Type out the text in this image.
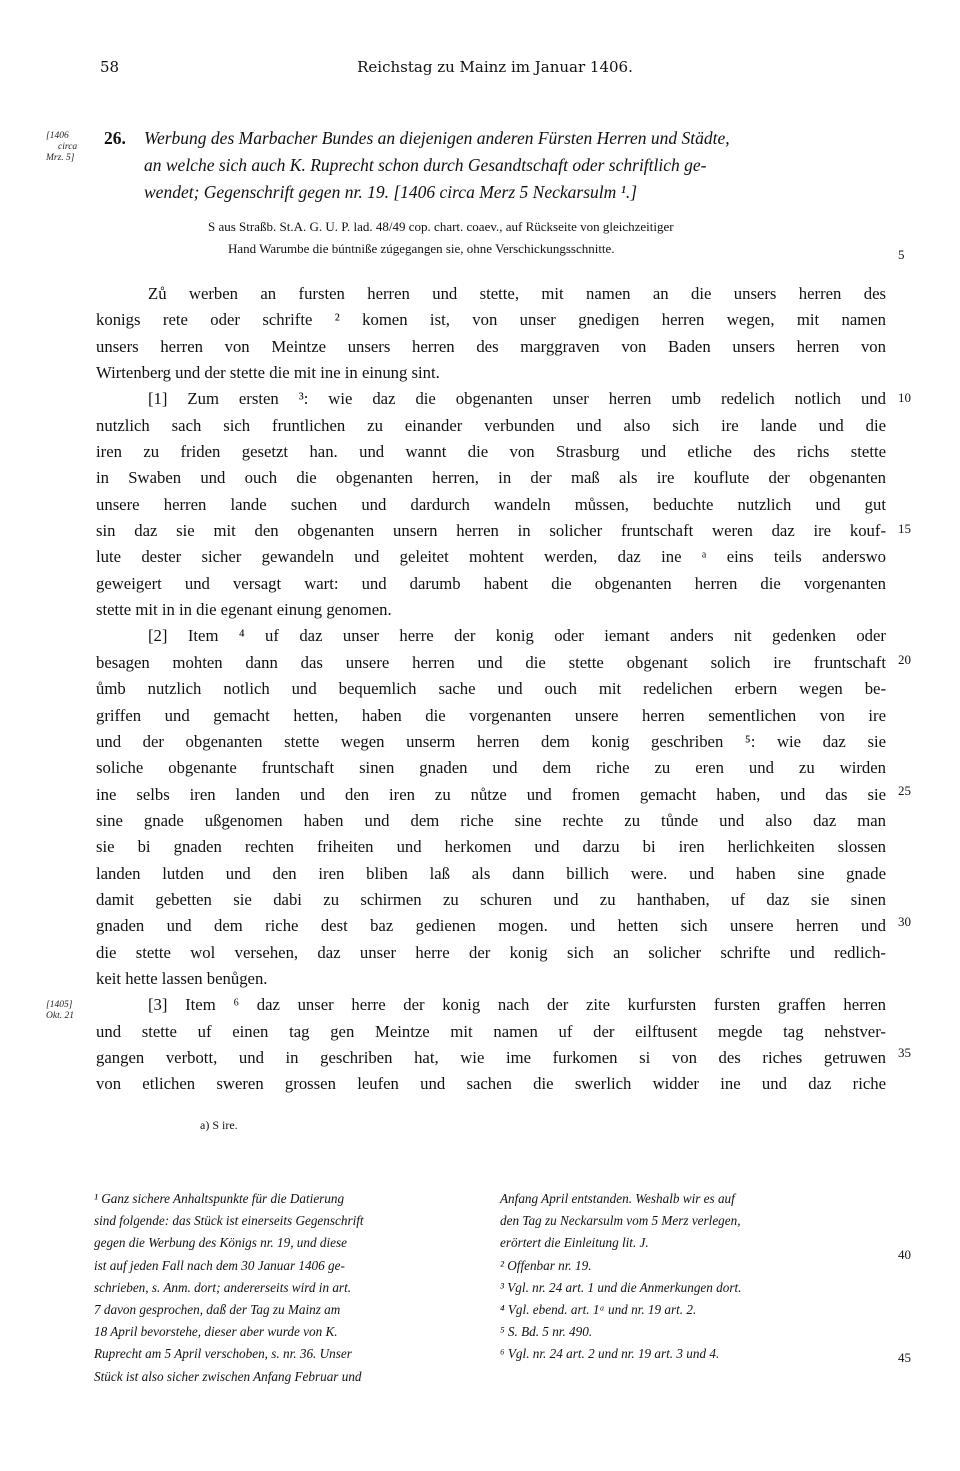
58	Reichstag zu Mainz im Januar 1406.
[1406
circa
Mrz. 5]
[1405]
Okt. 21
26. Werbung des Marbacher Bundes an diejenigen anderen Fürsten Herren und Städte,
an welche sich auch K. Ruprecht schon durch Gesandtschaft oder schriftlich ge-
wendet; Gegenschrift gegen nr. 19. [1406 circa Merz 5 Neckarsulm ¹.]
S aus Straßb. St.A. G. U. P. lad. 48/49 cop. chart. coaev., auf Rückseite von gleichzeitiger
Hand Warumbe die búntniße zúgegangen sie, ohne Verschickungsschnitte.	5
10
15
20
25
30
35
40
45

Zů werben an fursten herren und stette, mit namen an die unsers herren des
konigs rete oder schrifte ² komen ist, von unser gnedigen herren wegen, mit namen
unsers herren von Meintze unsers herren des marggraven von Baden unsers herren von
Wirtenberg und der stette die mit ine in einung sint.

[1] Zum ersten ³: wie daz die obgenanten unser herren umb redelich notlich und
nutzlich sach sich fruntlichen zu einander verbunden und also sich ire lande und die
iren zu friden gesetzt han. und wannt die von Strasburg und etliche des richs stette
in Swaben und ouch die obgenanten herren, in der maß als ire kouflute der obgenanten
unsere herren lande suchen und dardurch wandeln můssen, beduchte nutzlich und gut
sin daz sie mit den obgenanten unsern herren in solicher fruntschaft weren daz ire kouf-
lute dester sicher gewandeln und geleitet mohtent werden, daz ine ᵃ eins teils anderswo
geweigert und versagt wart: und darumb habent die obgenanten herren die vorgenanten
stette mit in in die egenant einung genomen.

[2] Item ⁴ uf daz unser herre der konig oder iemant anders nit gedenken oder
besagen mohten dann das unsere herren und die stette obgenant solich ire fruntschaft
ůmb nutzlich notlich und bequemlich sache und ouch mit redelichen erbern wegen be-
griffen und gemacht hetten, haben die vorgenanten unsere herren sementlichen von ire
und der obgenanten stette wegen unserm herren dem konig geschriben ⁵: wie daz sie
soliche obgenante fruntschaft sinen gnaden und dem riche zu eren und zu wirden
ine selbs iren landen und den iren zu nůtze und fromen gemacht haben, und das sie
sine gnade ußgenomen haben und dem riche sine rechte zu tůnde und also daz man
sie bi gnaden rechten friheiten und herkomen und darzu bi iren herlichkeiten slossen
landen lutden und den iren bliben laß als dann billich were. und haben sine gnade
damit gebetten sie dabi zu schirmen zu schuren und zu hanthaben, uf daz sie sinen
gnaden und dem riche dest baz gedienen mogen. und hetten sich unsere herren und
die stette wol versehen, daz unser herre der konig sich an solicher schrifte und redlich-
keit hette lassen benůgen.

[3] Item ⁶ daz unser herre der konig nach der zite kurfursten fursten graffen herren
und stette uf einen tag gen Meintze mit namen uf der eilftusent megde tag nehstver-
gangen verbott, und in geschriben hat, wie ime furkomen si von des riches getruwen
von etlichen sweren grossen leufen und sachen die swerlich widder ine und daz riche

a) S ire.
¹ Ganz sichere Anhaltspunkte für die Datierung
sind folgende: das Stück ist einerseits Gegenschrift
gegen die Werbung des Königs nr. 19, und diese
ist auf jeden Fall nach dem 30 Januar 1406 ge-
schrieben, s. Anm. dort; andererseits wird in art.
7 davon gesprochen, daß der Tag zu Mainz am
18 April bevorstehe, dieser aber wurde von K.
Ruprecht am 5 April verschoben, s. nr. 36. Unser
Stück ist also sicher zwischen Anfang Februar und
Anfang April entstanden. Weshalb wir es auf
den Tag zu Neckarsulm vom 5 Merz verlegen,
erörtert die Einleitung lit. J.
² Offenbar nr. 19.
³ Vgl. nr. 24 art. 1 und die Anmerkungen dort.
⁴ Vgl. ebend. art. 1ᵃ und nr. 19 art. 2.
⁵ S. Bd. 5 nr. 490.
⁶ Vgl. nr. 24 art. 2 und nr. 19 art. 3 und 4.
